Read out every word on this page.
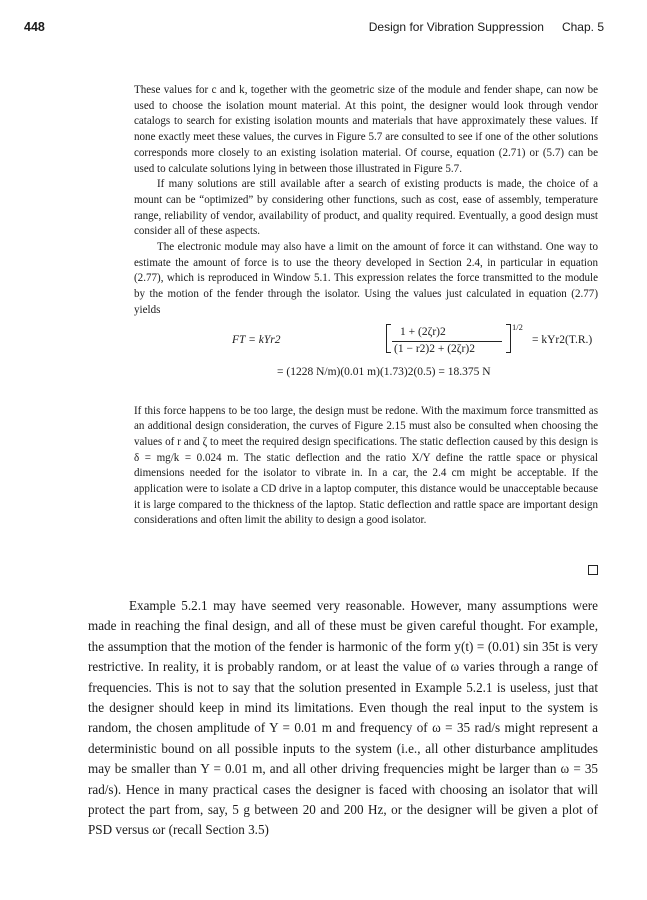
448	Design for Vibration Suppression Chap. 5

These values for c and k, together with the geometric size of the module and fender shape, can now be used to choose the isolation mount material. At this point, the designer would look through vendor catalogs to search for existing isolation mounts and materials that have approximately these values. If none exactly meet these values, the curves in Figure 5.7 are consulted to see if one of the other solutions corresponds more closely to an existing isolation material. Of course, equation (2.71) or (5.7) can be used to calculate solutions lying in between those illustrated in Figure 5.7.

If many solutions are still available after a search of existing products is made, the choice of a mount can be “optimized” by considering other functions, such as cost, ease of assembly, temperature range, reliability of vendor, availability of product, and quality required. Eventually, a good design must consider all of these aspects.

The electronic module may also have a limit on the amount of force it can withstand. One way to estimate the amount of force is to use the theory developed in Section 2.4, in particular in equation (2.77), which is reproduced in Window 5.1. This expression relates the force transmitted to the module by the motion of the fender through the isolator. Using the values just calculated in equation (2.77) yields

FT = kYr2
1 + (2ζr)2
(1 − r2)2 + (2ζr)2
1/2
= kYr2(T.R.)
= (1228 N/m)(0.01 m)(1.73)2(0.5) = 18.375 N

If this force happens to be too large, the design must be redone. With the maximum force transmitted as an additional design consideration, the curves of Figure 2.15 must also be consulted when choosing the values of r and ζ to meet the required design specifications. The static deflection caused by this design is δ = mg/k = 0.024 m. The static deflection and the ratio X/Y define the rattle space or physical dimensions needed for the isolator to vibrate in. In a car, the 2.4 cm might be acceptable. If the application were to isolate a CD drive in a laptop computer, this distance would be unacceptable because it is large compared to the thickness of the laptop. Static deflection and rattle space are important design considerations and often limit the ability to design a good isolator.

Example 5.2.1 may have seemed very reasonable. However, many assumptions were made in reaching the final design, and all of these must be given careful thought. For example, the assumption that the motion of the fender is harmonic of the form y(t) = (0.01) sin 35t is very restrictive. In reality, it is probably random, or at least the value of ω varies through a range of frequencies. This is not to say that the solution presented in Example 5.2.1 is useless, just that the designer should keep in mind its limitations. Even though the real input to the system is random, the chosen amplitude of Y = 0.01 m and frequency of ω = 35 rad/s might represent a deterministic bound on all possible inputs to the system (i.e., all other disturbance amplitudes may be smaller than Y = 0.01 m, and all other driving frequencies might be larger than ω = 35 rad/s). Hence in many practical cases the designer is faced with choosing an isolator that will protect the part from, say, 5 g between 20 and 200 Hz, or the designer will be given a plot of PSD versus ωr (recall Section 3.5)
